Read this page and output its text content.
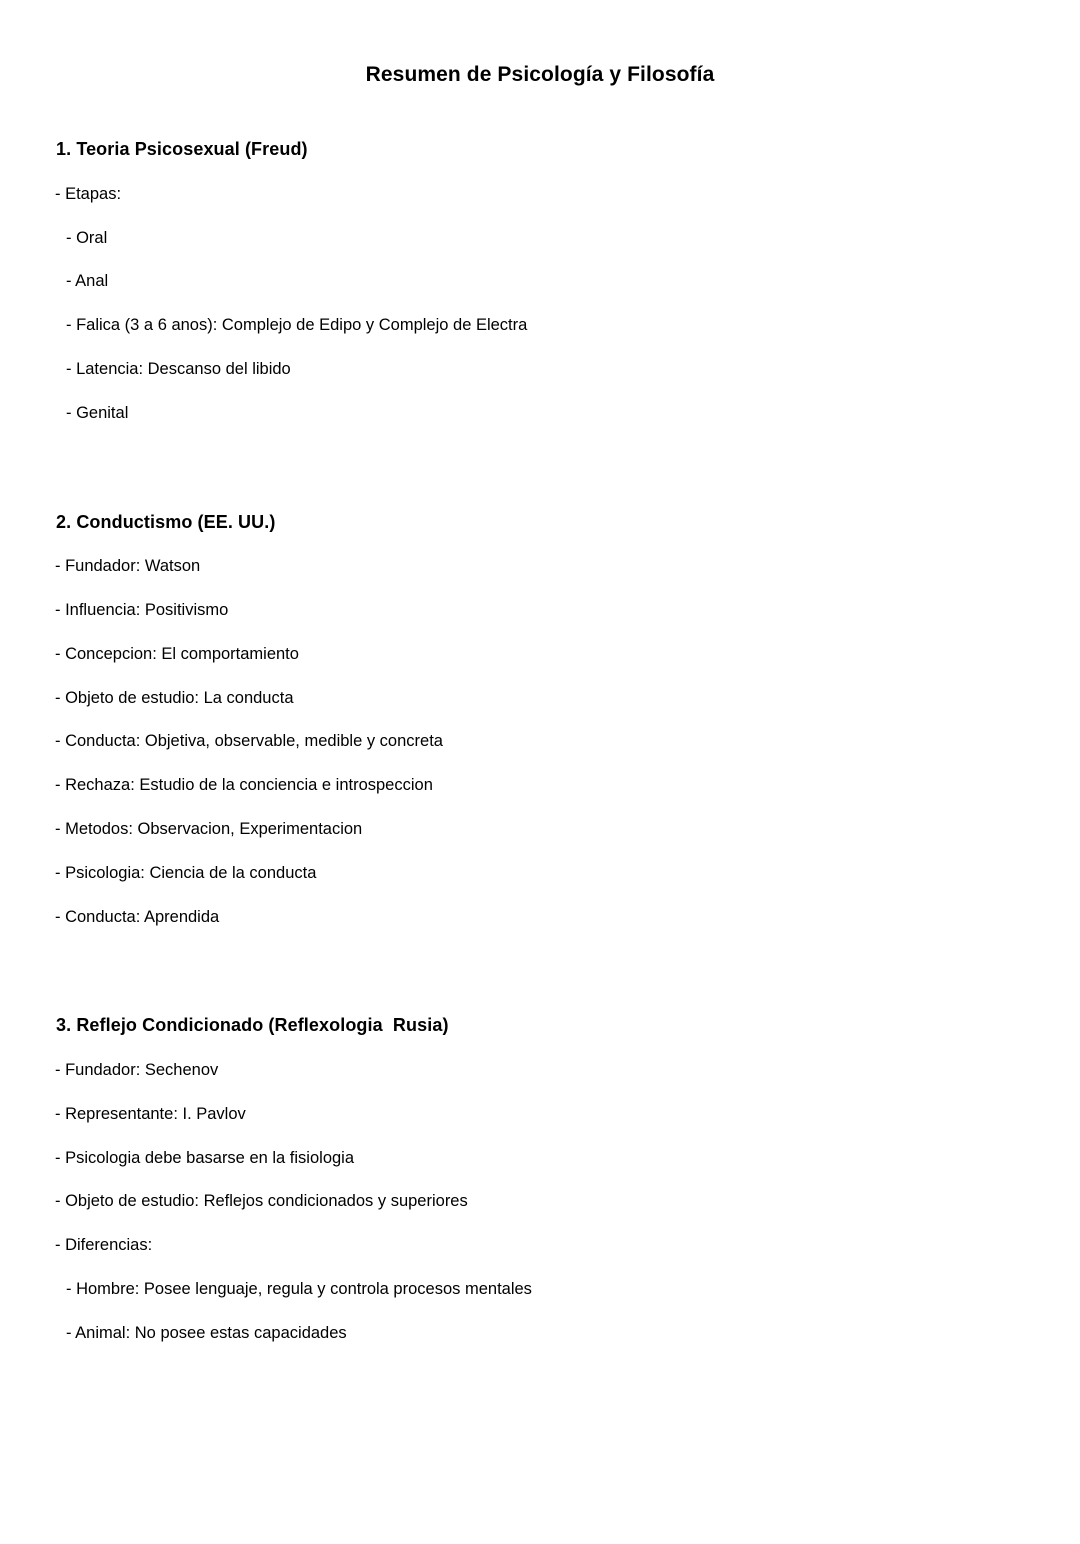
Resumen de Psicología y Filosofía
1. Teoria Psicosexual (Freud)

- Etapas:

- Oral

- Anal

- Falica (3 a 6 anos): Complejo de Edipo y Complejo de Electra

- Latencia: Descanso del libido

- Genital

2. Conductismo (EE. UU.)

- Fundador: Watson

- Influencia: Positivismo

- Concepcion: El comportamiento

- Objeto de estudio: La conducta

- Conducta: Objetiva, observable, medible y concreta

- Rechaza: Estudio de la conciencia e introspeccion

- Metodos: Observacion, Experimentacion

- Psicologia: Ciencia de la conducta

- Conducta: Aprendida

3. Reflejo Condicionado (Reflexologia  Rusia)

- Fundador: Sechenov

- Representante: I. Pavlov

- Psicologia debe basarse en la fisiologia

- Objeto de estudio: Reflejos condicionados y superiores

- Diferencias:

- Hombre: Posee lenguaje, regula y controla procesos mentales

- Animal: No posee estas capacidades
